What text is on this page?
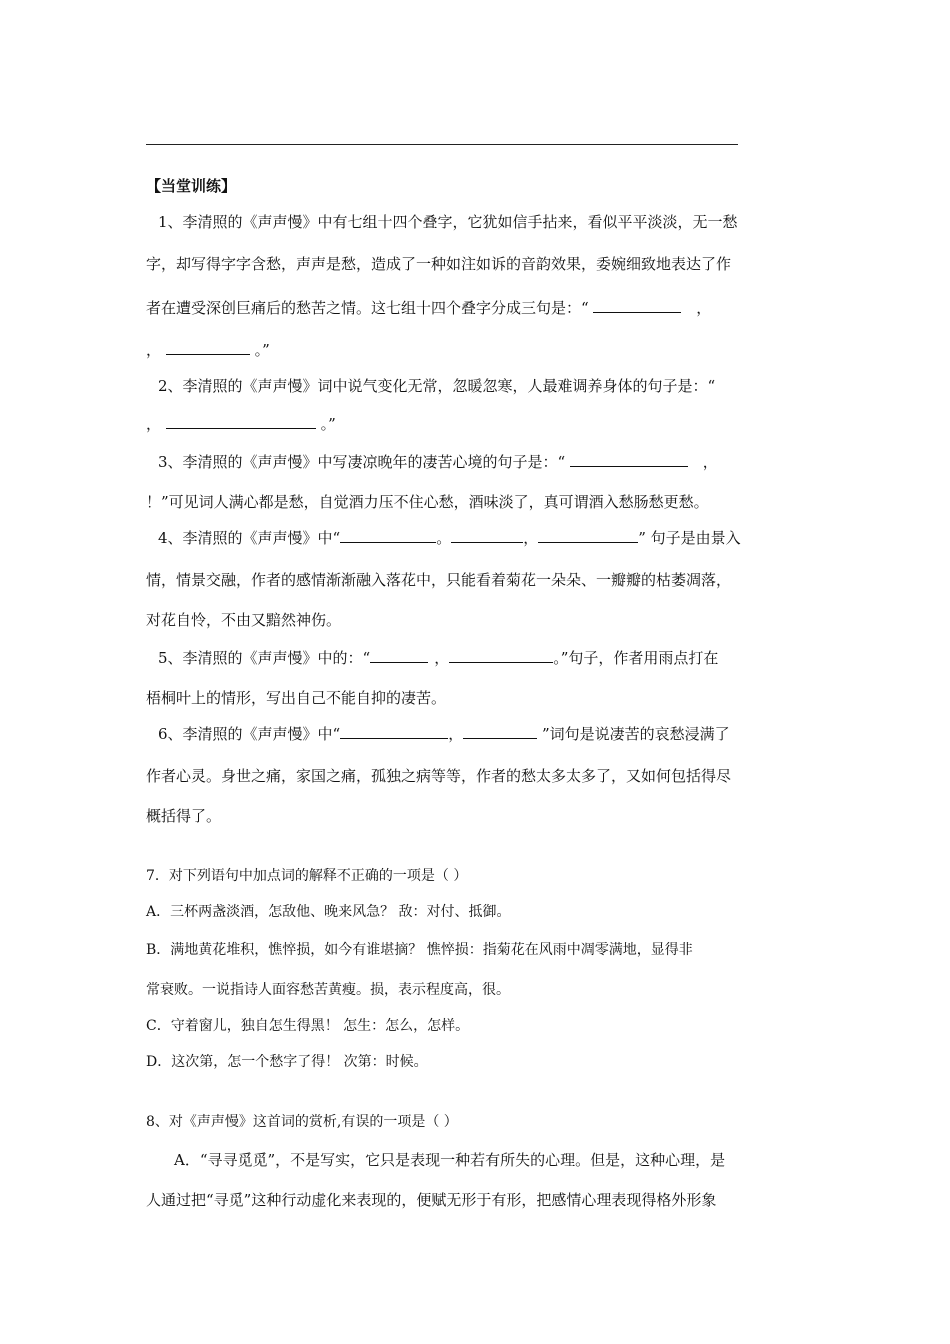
【当堂训练】
1、李清照的《声声慢》中有七组十四个叠字，它犹如信手拈来，看似平平淡淡，无一愁
字，却写得字字含愁，声声是愁，造成了一种如注如诉的音韵效果，委婉细致地表达了作
者在遭受深创巨痛后的愁苦之情。这七组十四个叠字分成三句是：“	，
，	。”
2、李清照的《声声慢》词中说气变化无常，忽暖忽寒，人最难调养身体的句子是：“
，	。”
3、李清照的《声声慢》中写凄凉晚年的凄苦心境的句子是：“	，
！”可见词人满心都是愁，自觉酒力压不住心愁，酒味淡了，真可谓酒入愁肠愁更愁。
4、李清照的《声声慢》中“	。	，	” 句子是由景入
情，情景交融，作者的感情渐渐融入落花中，只能看着菊花一朵朵、一瓣瓣的枯萎凋落，
对花自怜，不由又黯然神伤。
5、李清照的《声声慢》中的：“	，	。”句子，作者用雨点打在
梧桐叶上的情形，写出自己不能自抑的凄苦。
6、李清照的《声声慢》中“	，	”词句是说凄苦的哀愁浸满了
作者心灵。身世之痛，家国之痛，孤独之病等等，作者的愁太多太多了，又如何包括得尽
概括得了。
7．对下列语句中加点词的解释不正确的一项是（ ）
A．三杯两盏淡酒，怎敌他、晚来风急？ 敌：对付、抵御。
B．满地黄花堆积，憔悴损，如今有谁堪摘？ 憔悴损：指菊花在风雨中凋零满地，显得非
常衰败。一说指诗人面容愁苦黄瘦。损，表示程度高，很。
C．守着窗儿，独自怎生得黑！ 怎生：怎么，怎样。
D．这次第，怎一个愁字了得！ 次第：时候。
8、对《声声慢》这首词的赏析,有误的一项是（ ）
A．“寻寻觅觅”，不是写实，它只是表现一种若有所失的心理。但是，这种心理，是
人通过把“寻觅”这种行动虚化来表现的，便赋无形于有形，把感情心理表现得格外形象
